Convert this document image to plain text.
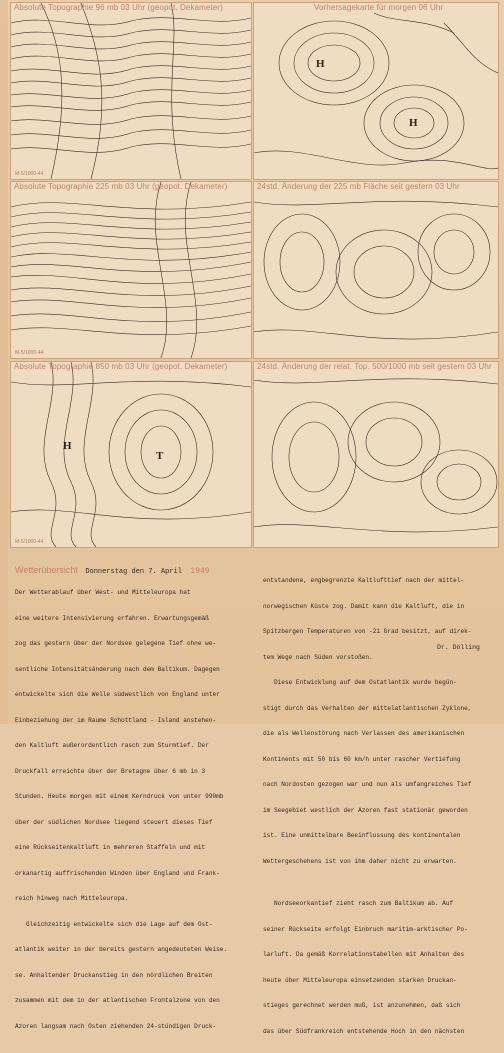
Absolute Topographie 96 mb 03 Uhr (geopot. Dekameter)
M-5/1000-44
H
H
Vorhersagekarte für morgen 06 Uhr
Absolute Topographie 225 mb 03 Uhr (geopot. Dekameter)
M-5/1000-44
24std. Änderung der 225 mb Fläche seit gestern 03 Uhr
H
T
Absolute Topographie 850 mb 03 Uhr (geopot. Dekameter)
M-5/1000-44
24std. Änderung der relat. Top. 500/1000 mb seit gestern 03 Uhr
Wetterübersicht Donnerstag den 7. April 1949

Der Wetterablauf über West- und Mitteleuropa hat

eine weitere Intensivierung erfahren. Erwartungsgemäß

zog das gestern über der Nordsee gelegene Tief ohne we-

sentliche Intensitätsänderung nach dem Baltikum. Dagegen

entwickelte sich die Welle südwestlich von England unter

Einbeziehung der im Raume Schottland - Island anstehen-

den Kaltluft außerordentlich rasch zum Sturmtief. Der

Druckfall erreichte über der Bretagne über 6 mb in 3

Stunden. Heute morgen mit einem Kerndruck von unter 990mb

über der südlichen Nordsee liegend steuert dieses Tief

eine Rückseitenkaltluft in mehreren Staffeln und mit

orkanartig auffrischenden Winden über England und Frank-

reich hinweg nach Mitteleuropa.

Gleichzeitig entwickelte sich die Lage auf dem Ost-

atlantik weiter in der bereits gestern angedeuteten Weise.

se. Anhaltender Druckanstieg in den nördlichen Breiten

zusammen mit dem in der atlantischen Frontalzone von den

Azoren langsam nach Osten ziehenden 24-stündigen Druck-

entstandene, engbegrenzte Kaltlufttief nach der mittel-

norwegischen Küste zog. Damit kann die Kaltluft, die in

Spitzbergen Temperaturen von -21 Grad besitzt, auf direk-

tem Wege nach Süden vorstoßen.

Diese Entwicklung auf dem Ostatlantik wurde begün-

stigt durch das Verhalten der mittelatlantischen Zyklone,

die als Wellenstörung nach Verlassen des amerikanischen

Kontinents mit 50 bis 60 km/h unter rascher Vertiefung

nach Nordosten gezogen war und nun als umfangreiches Tief

im Seegebiet westlich der Azoren fast stationär geworden

ist. Eine unmittelbare Beeinflussung des kontinentalen

Wettergeschehens ist von ihm daher nicht zu erwarten.

Nordseeorkantief zieht rasch zum Baltikum ab. Auf

seiner Rückseite erfolgt Einbruch maritim-arktischer Po-

larluft. Da gemäß Korrelationstabellen mit Anhalten des

heute über Mitteleuropa einsetzenden starken Druckan-

stieges gerechnet werden muß, ist anzunehmen, daß sich

das über Südfrankreich entstehende Hoch in den nächsten

Dr. Dölling
